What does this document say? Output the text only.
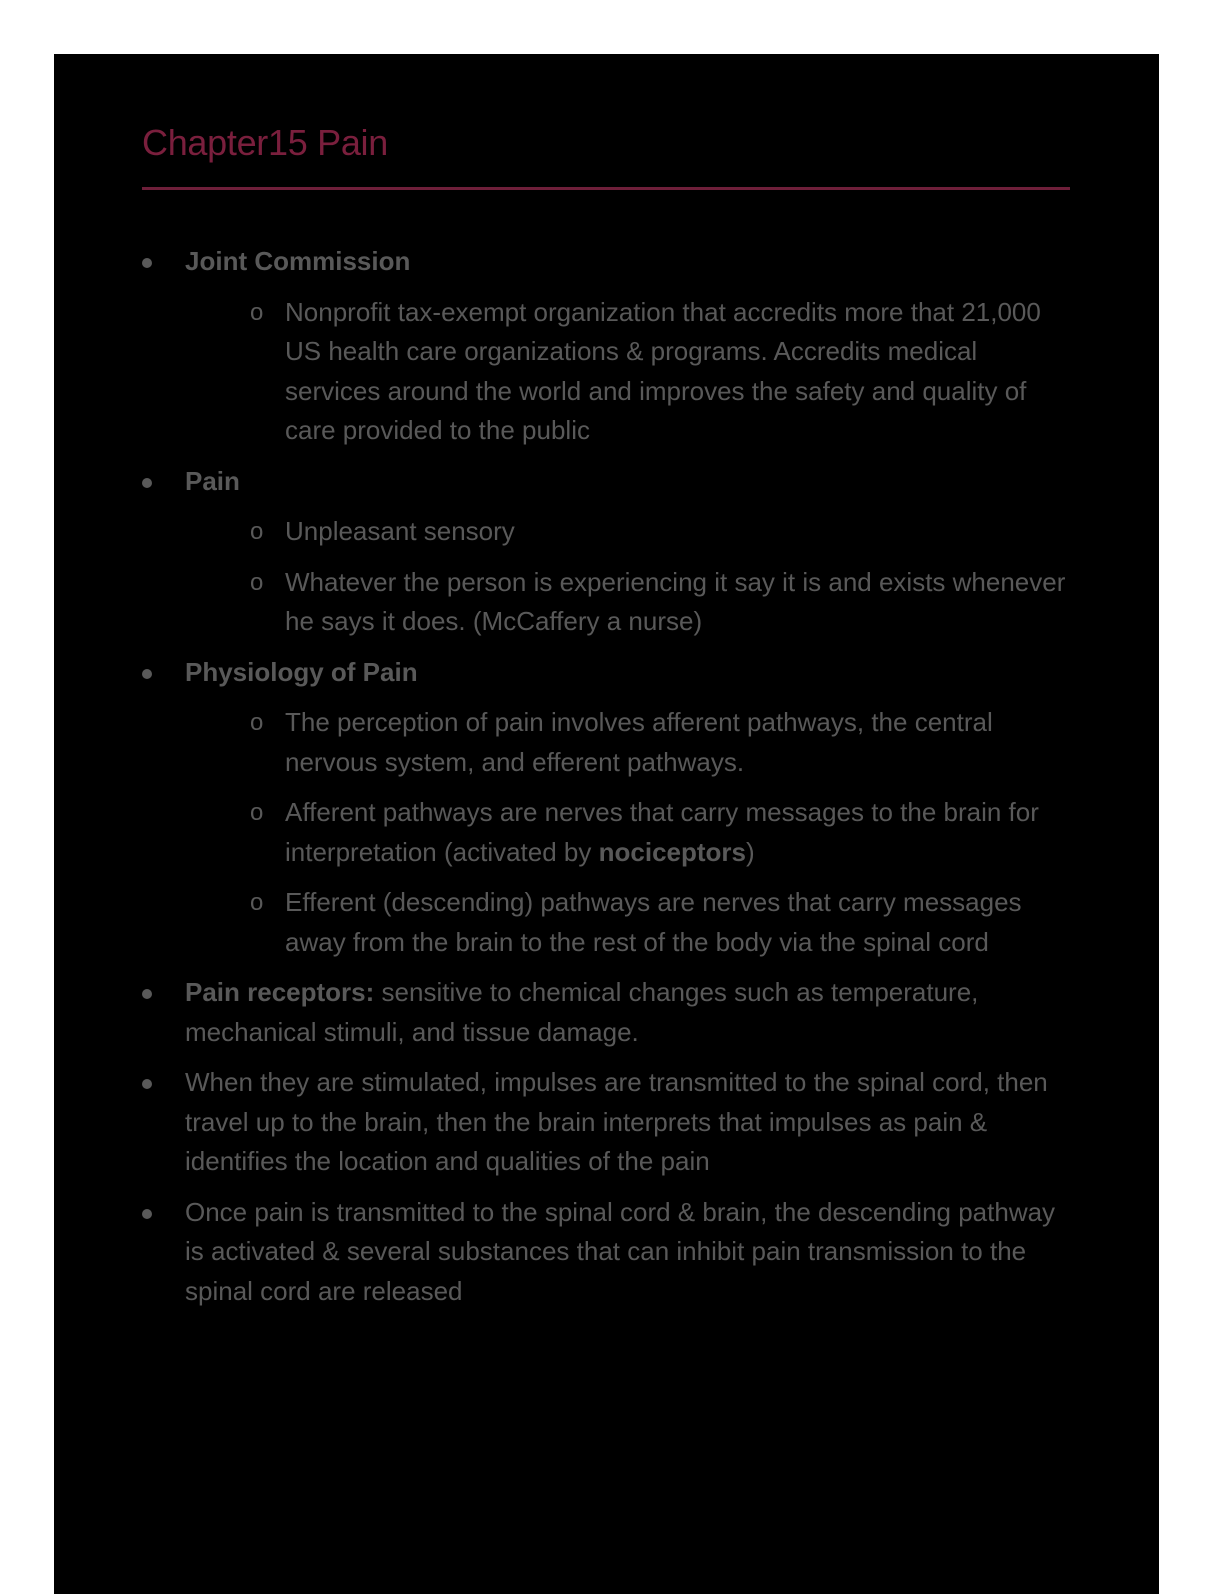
Chapter15 Pain
Joint Commission
o Nonprofit tax-exempt organization that accredits more that 21,000 US health care organizations & programs. Accredits medical services around the world and improves the safety and quality of care provided to the public
Pain
o Unpleasant sensory
o Whatever the person is experiencing it say it is and exists whenever he says it does. (McCaffery a nurse)
Physiology of Pain
o The perception of pain involves afferent pathways, the central nervous system, and efferent pathways.
o Afferent pathways are nerves that carry messages to the brain for interpretation (activated by nociceptors)
o Efferent (descending) pathways are nerves that carry messages away from the brain to the rest of the body via the spinal cord
Pain receptors: sensitive to chemical changes such as temperature, mechanical stimuli, and tissue damage.
When they are stimulated, impulses are transmitted to the spinal cord, then travel up to the brain, then the brain interprets that impulses as pain & identifies the location and qualities of the pain
Once pain is transmitted to the spinal cord & brain, the descending pathway is activated & several substances that can inhibit pain transmission to the spinal cord are released
